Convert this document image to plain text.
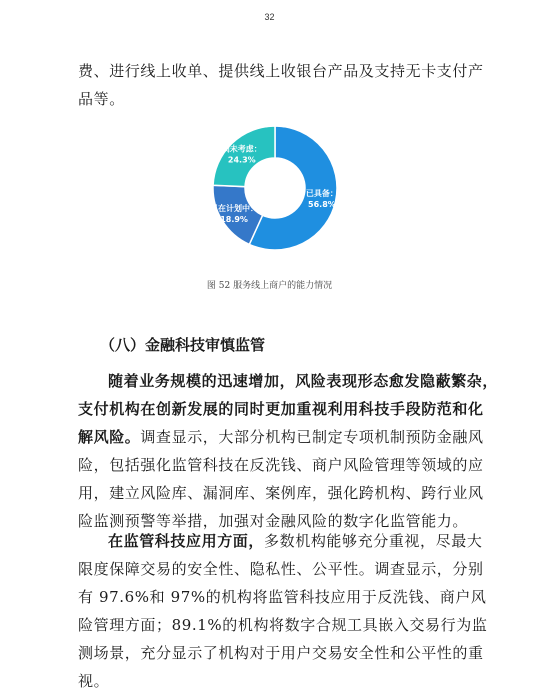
32

费、进行线上收单、提供线上收银台产品及支持无卡支付产品等。

已具备：
56.8%
已在计划中：
18.9%
尚未考虑：
24.3%
图 52 服务线上商户的能力情况
（八）金融科技审慎监管

随着业务规模的迅速增加，风险表现形态愈发隐蔽繁杂，支付机构在创新发展的同时更加重视利用科技手段防范和化解风险。调查显示，大部分机构已制定专项机制预防金融风险，包括强化监管科技在反洗钱、商户风险管理等领域的应用，建立风险库、漏洞库、案例库，强化跨机构、跨行业风险监测预警等举措，加强对金融风险的数字化监管能力。

在监管科技应用方面，多数机构能够充分重视，尽最大限度保障交易的安全性、隐私性、公平性。调查显示，分别有 97.6%和 97%的机构将监管科技应用于反洗钱、商户风险管理方面；89.1%的机构将数字合规工具嵌入交易行为监测场景，充分显示了机构对于用户交易安全性和公平性的重视。
